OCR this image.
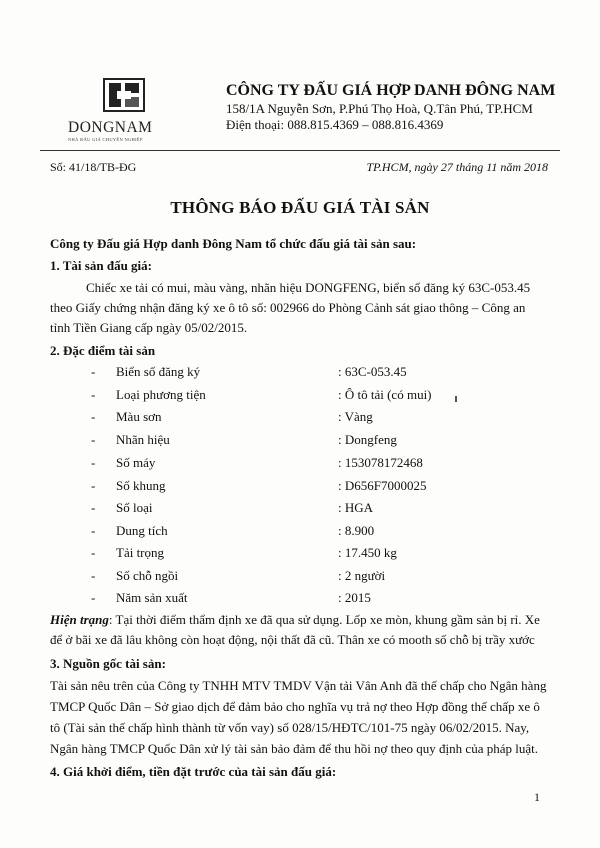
DONGNAM
NHÀ ĐẤU GIÁ CHUYÊN NGHIỆP
CÔNG TY ĐẤU GIÁ HỢP DANH ĐÔNG NAM
158/1A Nguyễn Sơn, P.Phú Thọ Hoà, Q.Tân Phú, TP.HCM
Điện thoại: 088.815.4369 – 088.816.4369
Số: 41/18/TB-ĐG	TP.HCM, ngày 27 tháng 11 năm 2018
THÔNG BÁO ĐẤU GIÁ TÀI SẢN
Công ty Đấu giá Hợp danh Đông Nam tổ chức đấu giá tài sản sau:
1. Tài sản đấu giá:
Chiếc xe tải có mui, màu vàng, nhãn hiệu DONGFENG, biển số đăng ký 63C-053.45
theo Giấy chứng nhận đăng ký xe ô tô số: 002966 do Phòng Cảnh sát giao thông – Công an
tỉnh Tiền Giang cấp ngày 05/02/2015.
2. Đặc điểm tài sản
- Biển số đăng ký	: 63C-053.45
- Loại phương tiện	: Ô tô tải (có mui)
- Màu sơn	: Vàng
- Nhãn hiệu	: Dongfeng
- Số máy	: 153078172468
- Số khung	: D656F7000025
- Số loại	: HGA
- Dung tích	: 8.900
- Tải trọng	: 17.450 kg
- Số chỗ ngồi	: 2 người
- Năm sản xuất	: 2015
Hiện trạng: Tại thời điểm thẩm định xe đã qua sử dụng. Lốp xe mòn, khung gầm sản bị rỉ. Xe
để ở bãi xe đã lâu không còn hoạt động, nội thất đã cũ. Thân xe có mooth số chỗ bị trầy xước
3. Nguồn gốc tài sản:
Tài sản nêu trên của Công ty TNHH MTV TMDV Vận tải Vân Anh đã thế chấp cho Ngân hàng
TMCP Quốc Dân – Sở giao dịch để đảm bảo cho nghĩa vụ trả nợ theo Hợp đồng thế chấp xe ô
tô (Tài sản thế chấp hình thành từ vốn vay) số 028/15/HĐTC/101-75 ngày 06/02/2015. Nay,
Ngân hàng TMCP Quốc Dân xử lý tài sản bảo đảm để thu hồi nợ theo quy định của pháp luật.
4. Giá khởi điểm, tiền đặt trước của tài sản đấu giá:
1
